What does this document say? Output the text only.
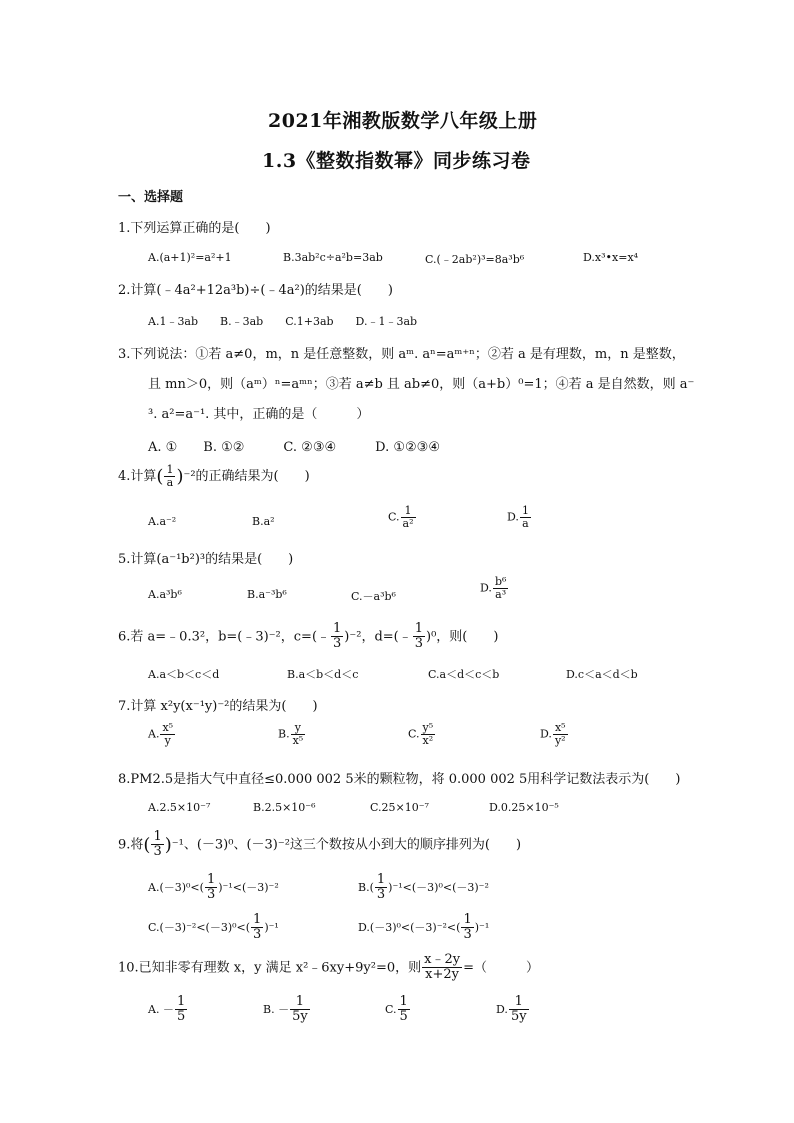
2021年湘教版数学八年级上册
1.3《整数指数幂》同步练习卷
一、选择题
1.下列运算正确的是(　　)
A.(a+1)²=a²+1	B.3ab²c÷a²b=3ab	C.(﹣2ab²)³=8a³b⁶	D.x³•x=x⁴
2.计算(﹣4a²+12a³b)÷(﹣4a²)的结果是(　　)
A.1﹣3ab　　B.﹣3ab　　C.1+3ab　　D.﹣1﹣3ab
3.下列说法：①若 a≠0，m，n 是任意整数，则 aᵐ. aⁿ=aᵐ⁺ⁿ；②若 a 是有理数，m，n 是整数，
且 mn＞0，则（aᵐ）ⁿ=aᵐⁿ；③若 a≠b 且 ab≠0，则（a+b）⁰=1；④若 a 是自然数，则 a⁻
³. a²=a⁻¹. 其中，正确的是（　　　）
A. ①　　B. ①②　　　C. ②③④　　　D. ①②③④
4.计算( $\frac{1}{a} )^{-2}$的正确结果为(　　)
A.a⁻²	B.a²	C. $\frac{1}{\text{a²}}$	D. $\frac{1}{a}$
5.计算(a⁻¹b²)³的结果是(　　)
A.a³b⁶	B.a⁻³b⁶	C.－a³b⁶
D. $\frac{\text{b⁶}}{\text{a³}}$
6.若 a=﹣0.3²，b=(﹣3)⁻²，c=(﹣ $\frac{1}{3} )^{-2}$，d=(﹣ $\frac{1}{3} )^0$，则(　　)
A.a＜b＜c＜d	B.a＜b＜d＜c	C.a＜d＜c＜b	D.c＜a＜d＜b
7.计算 x²y(x⁻¹y)⁻²的结果为(　　)
A. $\frac{\text{x⁵}}{y}$	B. $\frac{y}{\text{x⁵}}$	C. $\frac{\text{y⁵}}{\text{x²}}$	D. $\frac{\text{x⁵}}{\text{y²}}$
8.PM2.5是指大气中直径≤0.000 002 5米的颗粒物，将 0.000 002 5用科学记数法表示为(　　)
A.2.5×10⁻⁷	B.2.5×10⁻⁶	C.25×10⁻⁷	D.0.25×10⁻⁵
9.将( $\frac{1}{3} )^{-1}$、(－3)⁰、(－3)⁻²这三个数按从小到大的顺序排列为(　　)
$A.(-3)^0<( \frac{1}{3} )^{-1}<(-3)^{-2}$	$B.( \frac{1}{3} )^{-1}<(-3)^0<(-3)^{-2}$
$C.(-3)^{-2}<(-3)^0<( \frac{1}{3} )^{-1}$	$D.(-3)^0<(-3)^{-2}<( \frac{1}{3} )^{-1}$
10.已知非零有理数 x，y 满足 x²﹣6xy+9y²=0，则 $\frac{x﹣2y}{x+2y}$ =（　　　）
A. － $\frac{1}{5}$	B. － $\frac{1}{5y}$	C. $\frac{1}{5}$	D. $\frac{1}{5y}$
